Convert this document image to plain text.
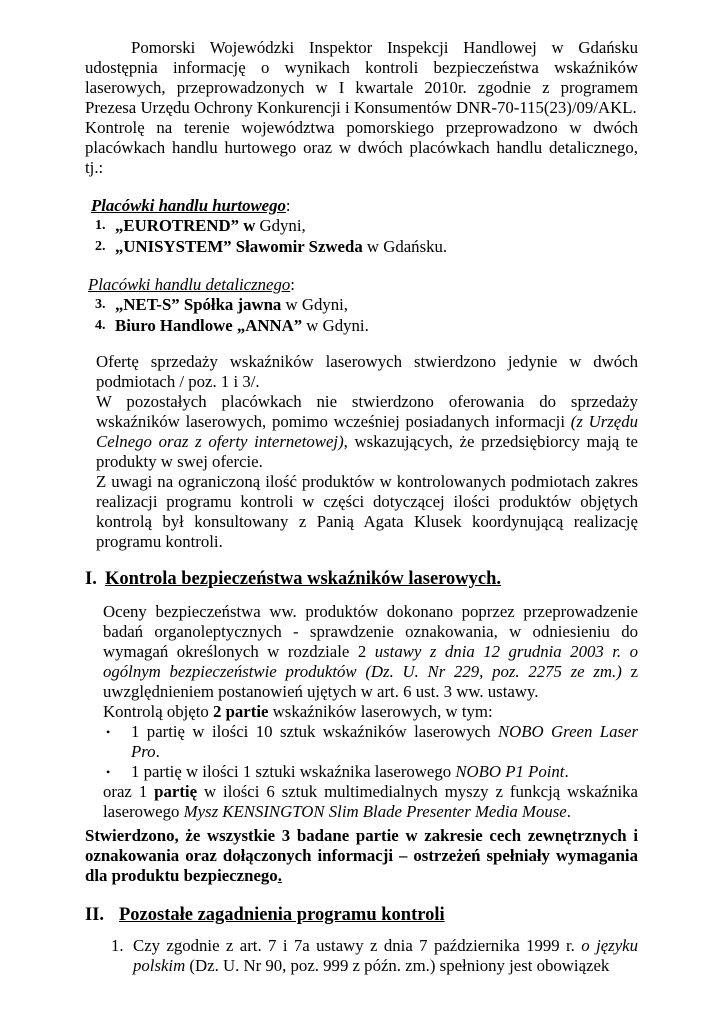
Pomorski Wojewódzki Inspektor Inspekcji Handlowej w Gdańsku udostępnia informację o wynikach kontroli bezpieczeństwa wskaźników laserowych, przeprowadzonych w I kwartale 2010r. zgodnie z programem Prezesa Urzędu Ochrony Konkurencji i Konsumentów DNR-70-115(23)/09/AKL.

Kontrolę na terenie województwa pomorskiego przeprowadzono w dwóch placówkach handlu hurtowego oraz w dwóch placówkach handlu detalicznego, tj.:

Placówki handlu hurtowego:

1. „EUROTREND” w Gdyni,
2. „UNISYSTEM” Sławomir Szweda w Gdańsku.

Placówki handlu detalicznego:

3. „NET-S” Spółka jawna w Gdyni,
4. Biuro Handlowe „ANNA” w Gdyni.

Ofertę sprzedaży wskaźników laserowych stwierdzono jedynie w dwóch podmiotach / poz. 1 i 3/.

W pozostałych placówkach nie stwierdzono oferowania do sprzedaży wskaźników laserowych, pomimo wcześniej posiadanych informacji (z Urzędu Celnego oraz z oferty internetowej), wskazujących, że przedsiębiorcy mają te produkty w swej ofercie.

Z uwagi na ograniczoną ilość produktów w kontrolowanych podmiotach zakres realizacji programu kontroli w części dotyczącej ilości produktów objętych kontrolą był konsultowany z Panią Agata Klusek koordynującą realizację programu kontroli.

I. Kontrola bezpieczeństwa wskaźników laserowych.

Oceny bezpieczeństwa ww. produktów dokonano poprzez przeprowadzenie badań organoleptycznych - sprawdzenie oznakowania, w odniesieniu do wymagań określonych w rozdziale 2 ustawy z dnia 12 grudnia 2003 r. o ogólnym bezpieczeństwie produktów (Dz. U. Nr 229, poz. 2275 ze zm.) z uwzględnieniem postanowień ujętych w art. 6 ust. 3 ww. ustawy.

Kontrolą objęto 2 partie wskaźników laserowych, w tym:

• 1 partię w ilości 10 sztuk wskaźników laserowych NOBO Green Laser Pro.
• 1 partię w ilości 1 sztuki wskaźnika laserowego NOBO P1 Point.

oraz 1 partię w ilości 6 sztuk multimedialnych myszy z funkcją wskaźnika laserowego Mysz KENSINGTON Slim Blade Presenter Media Mouse.

Stwierdzono, że wszystkie 3 badane partie w zakresie cech zewnętrznych i oznakowania oraz dołączonych informacji – ostrzeżeń spełniały wymagania dla produktu bezpiecznego.

II. Pozostałe zagadnienia programu kontroli
1. Czy zgodnie z art. 7 i 7a ustawy z dnia 7 października 1999 r. o języku polskim (Dz. U. Nr 90, poz. 999 z późn. zm.) spełniony jest obowiązek
